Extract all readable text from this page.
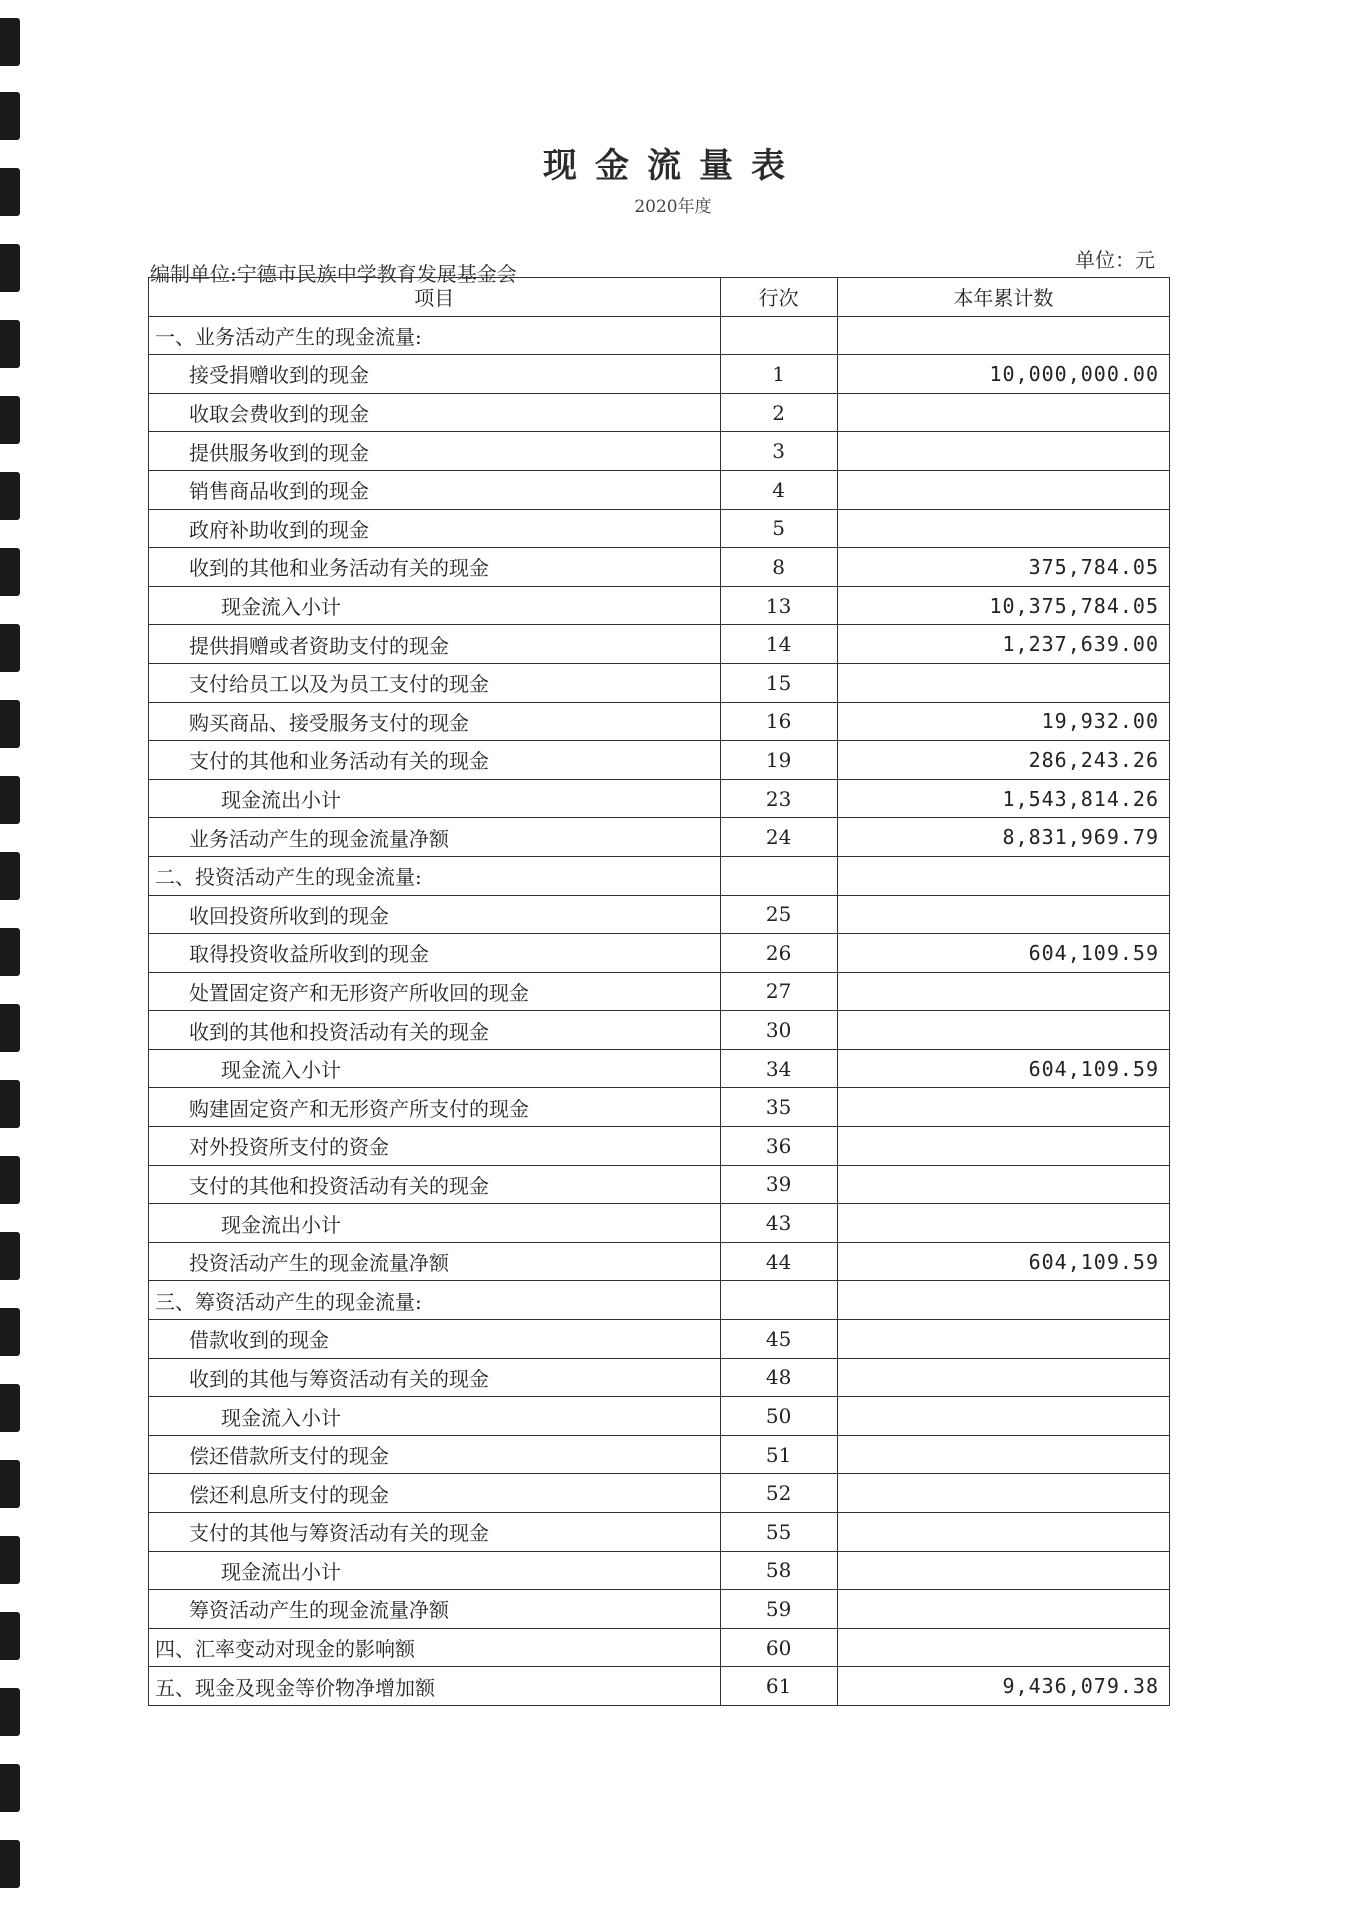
现金流量表
2020年度
单位：元
编制单位:宁德市民族中学教育发展基金会
项目	行次	本年累计数
一、业务活动产生的现金流量:		
接受捐赠收到的现金	1	10,000,000.00
收取会费收到的现金	2	
提供服务收到的现金	3	
销售商品收到的现金	4	
政府补助收到的现金	5	
收到的其他和业务活动有关的现金	8	375,784.05
现金流入小计	13	10,375,784.05
提供捐赠或者资助支付的现金	14	1,237,639.00
支付给员工以及为员工支付的现金	15	
购买商品、接受服务支付的现金	16	19,932.00
支付的其他和业务活动有关的现金	19	286,243.26
现金流出小计	23	1,543,814.26
业务活动产生的现金流量净额	24	8,831,969.79
二、投资活动产生的现金流量:		
收回投资所收到的现金	25	
取得投资收益所收到的现金	26	604,109.59
处置固定资产和无形资产所收回的现金	27	
收到的其他和投资活动有关的现金	30	
现金流入小计	34	604,109.59
购建固定资产和无形资产所支付的现金	35	
对外投资所支付的资金	36	
支付的其他和投资活动有关的现金	39	
现金流出小计	43	
投资活动产生的现金流量净额	44	604,109.59
三、筹资活动产生的现金流量:		
借款收到的现金	45	
收到的其他与筹资活动有关的现金	48	
现金流入小计	50	
偿还借款所支付的现金	51	
偿还利息所支付的现金	52	
支付的其他与筹资活动有关的现金	55	
现金流出小计	58	
筹资活动产生的现金流量净额	59	
四、汇率变动对现金的影响额	60	
五、现金及现金等价物净增加额	61	9,436,079.38
